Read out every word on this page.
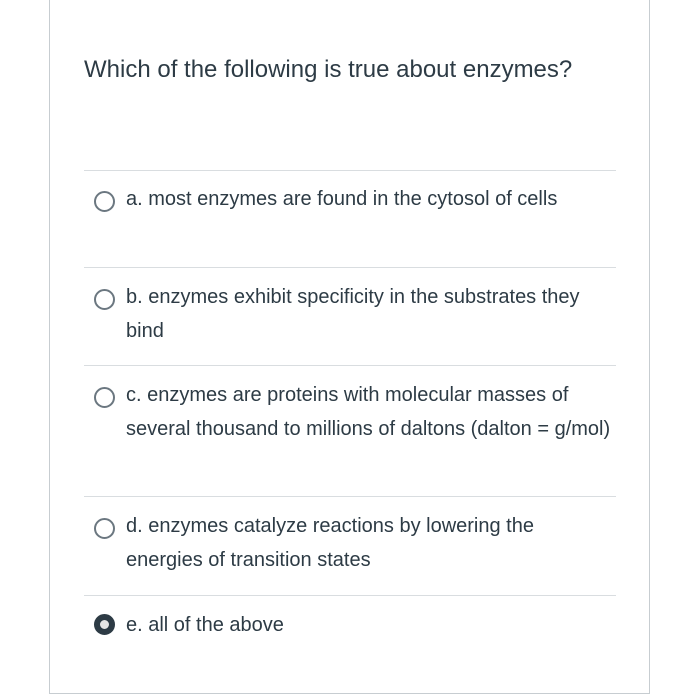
Which of the following is true about enzymes?

a. most enzymes are found in the cytosol of cells
b. enzymes exhibit specificity in the substrates they bind
c. enzymes are proteins with molecular masses of several thousand to millions of daltons (dalton = g/mol)
d. enzymes catalyze reactions by lowering the energies of transition states
e. all of the above
